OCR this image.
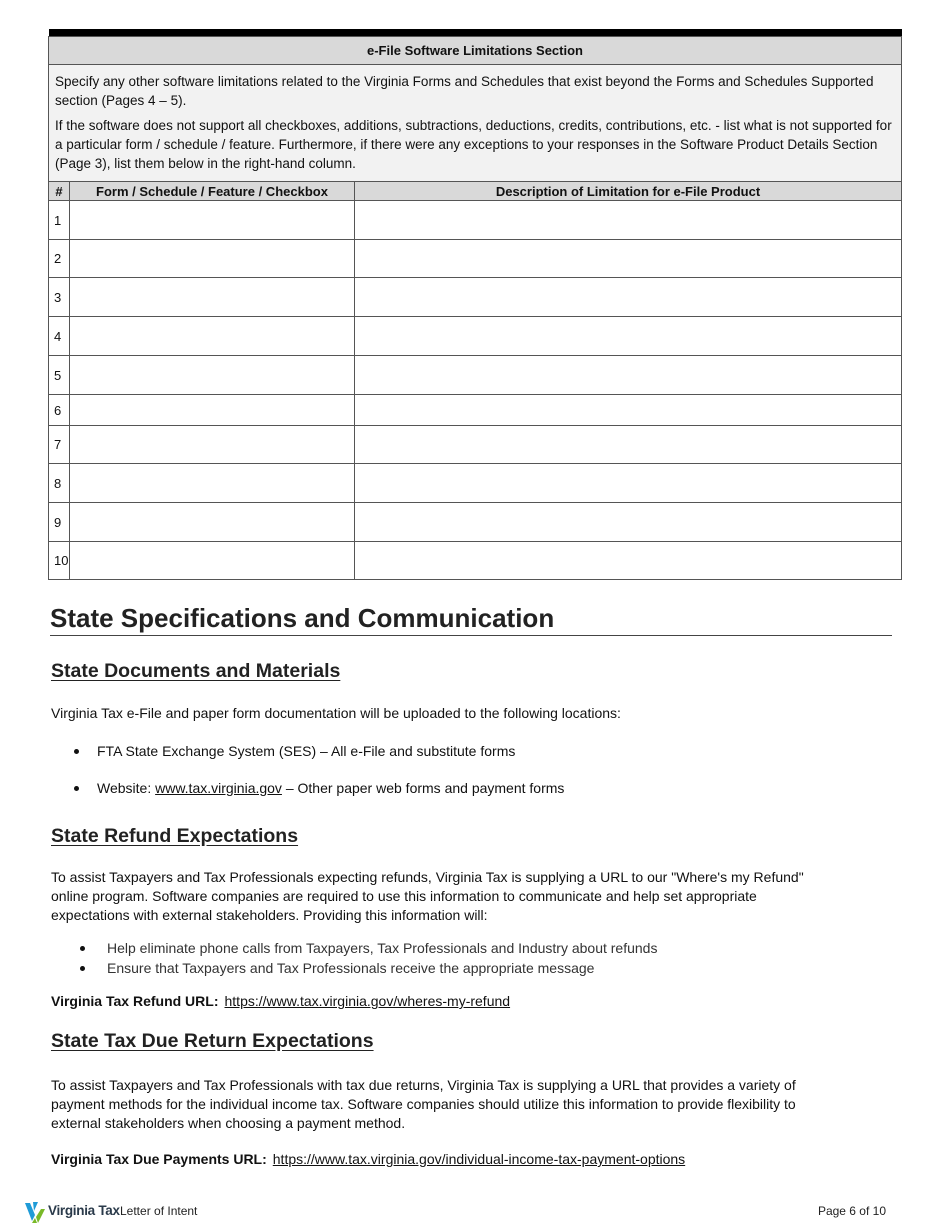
e-File Software Limitations Section		

Specify any other software limitations related to the Virginia Forms and Schedules that exist beyond the Forms and Schedules Supported section (Pages 4 – 5).

If the software does not support all checkboxes, additions, subtractions, deductions, credits, contributions, etc. - list what is not supported for a particular form / schedule / feature. Furthermore, if there were any exceptions to your responses in the Software Product Details Section (Page 3), list them below in the right-hand column.		

#	Form / Schedule / Feature / Checkbox	Description of Limitation for e-File Product
1		
2		
3		
4		
5		
6		
7		
8		
9		
10		
State Specifications and Communication
State Documents and Materials

Virginia Tax e-File and paper form documentation will be uploaded to the following locations:

FTA State Exchange System (SES) – All e-File and substitute forms
Website: www.tax.virginia.gov – Other paper web forms and payment forms
State Refund Expectations

To assist Taxpayers and Tax Professionals expecting refunds, Virginia Tax is supplying a URL to our "Where's my Refund" online program. Software companies are required to use this information to communicate and help set appropriate expectations with external stakeholders. Providing this information will:

Help eliminate phone calls from Taxpayers, Tax Professionals and Industry about refunds
Ensure that Taxpayers and Tax Professionals receive the appropriate message
Virginia Tax Refund URL: https://www.tax.virginia.gov/wheres-my-refund
State Tax Due Return Expectations

To assist Taxpayers and Tax Professionals with tax due returns, Virginia Tax is supplying a URL that provides a variety of payment methods for the individual income tax. Software companies should utilize this information to provide flexibility to external stakeholders when choosing a payment method.

Virginia Tax Due Payments URL: https://www.tax.virginia.gov/individual-income-tax-payment-options
Virginia Tax Letter of Intent	Page 6 of 10
